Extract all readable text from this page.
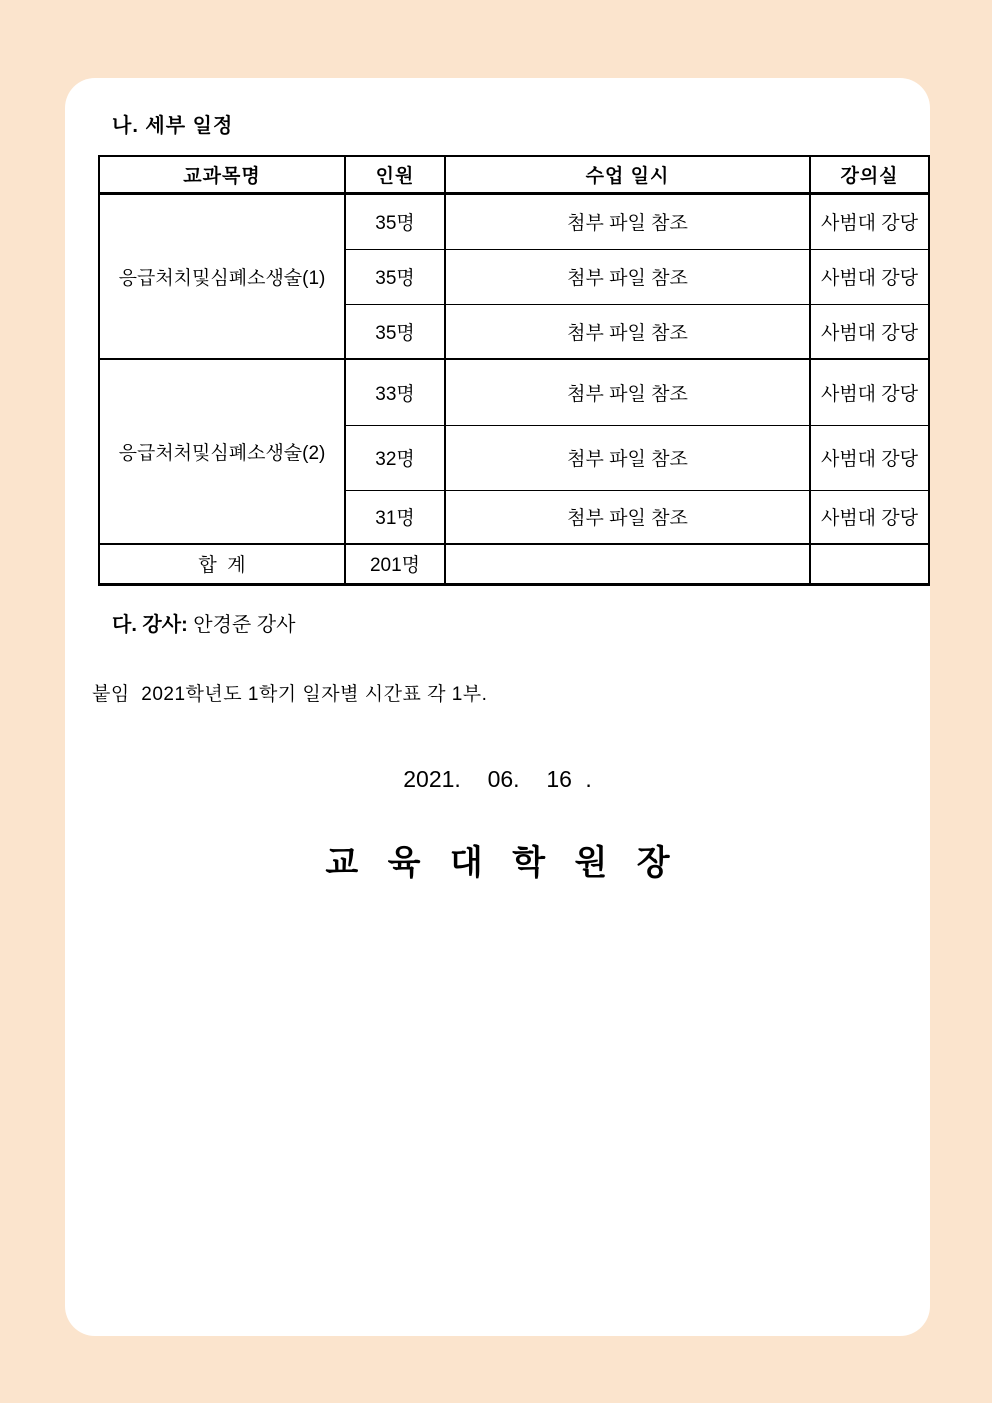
나. 세부 일정
교과목명	인원	수업 일시	강의실
응급처치및심폐소생술(1)	35명	첨부 파일 참조	사범대 강당
	35명	첨부 파일 참조	사범대 강당
	35명	첨부 파일 참조	사범대 강당
응급처처및심폐소생술(2)	33명	첨부 파일 참조	사범대 강당
	32명	첨부 파일 참조	사범대 강당
	31명	첨부 파일 참조	사범대 강당
합  계	201명		
다. 강사: 안경준 강사
붙임  2021학년도 1학기 일자별 시간표 각 1부.
2021.  06.  16 .
교 육 대 학 원 장
